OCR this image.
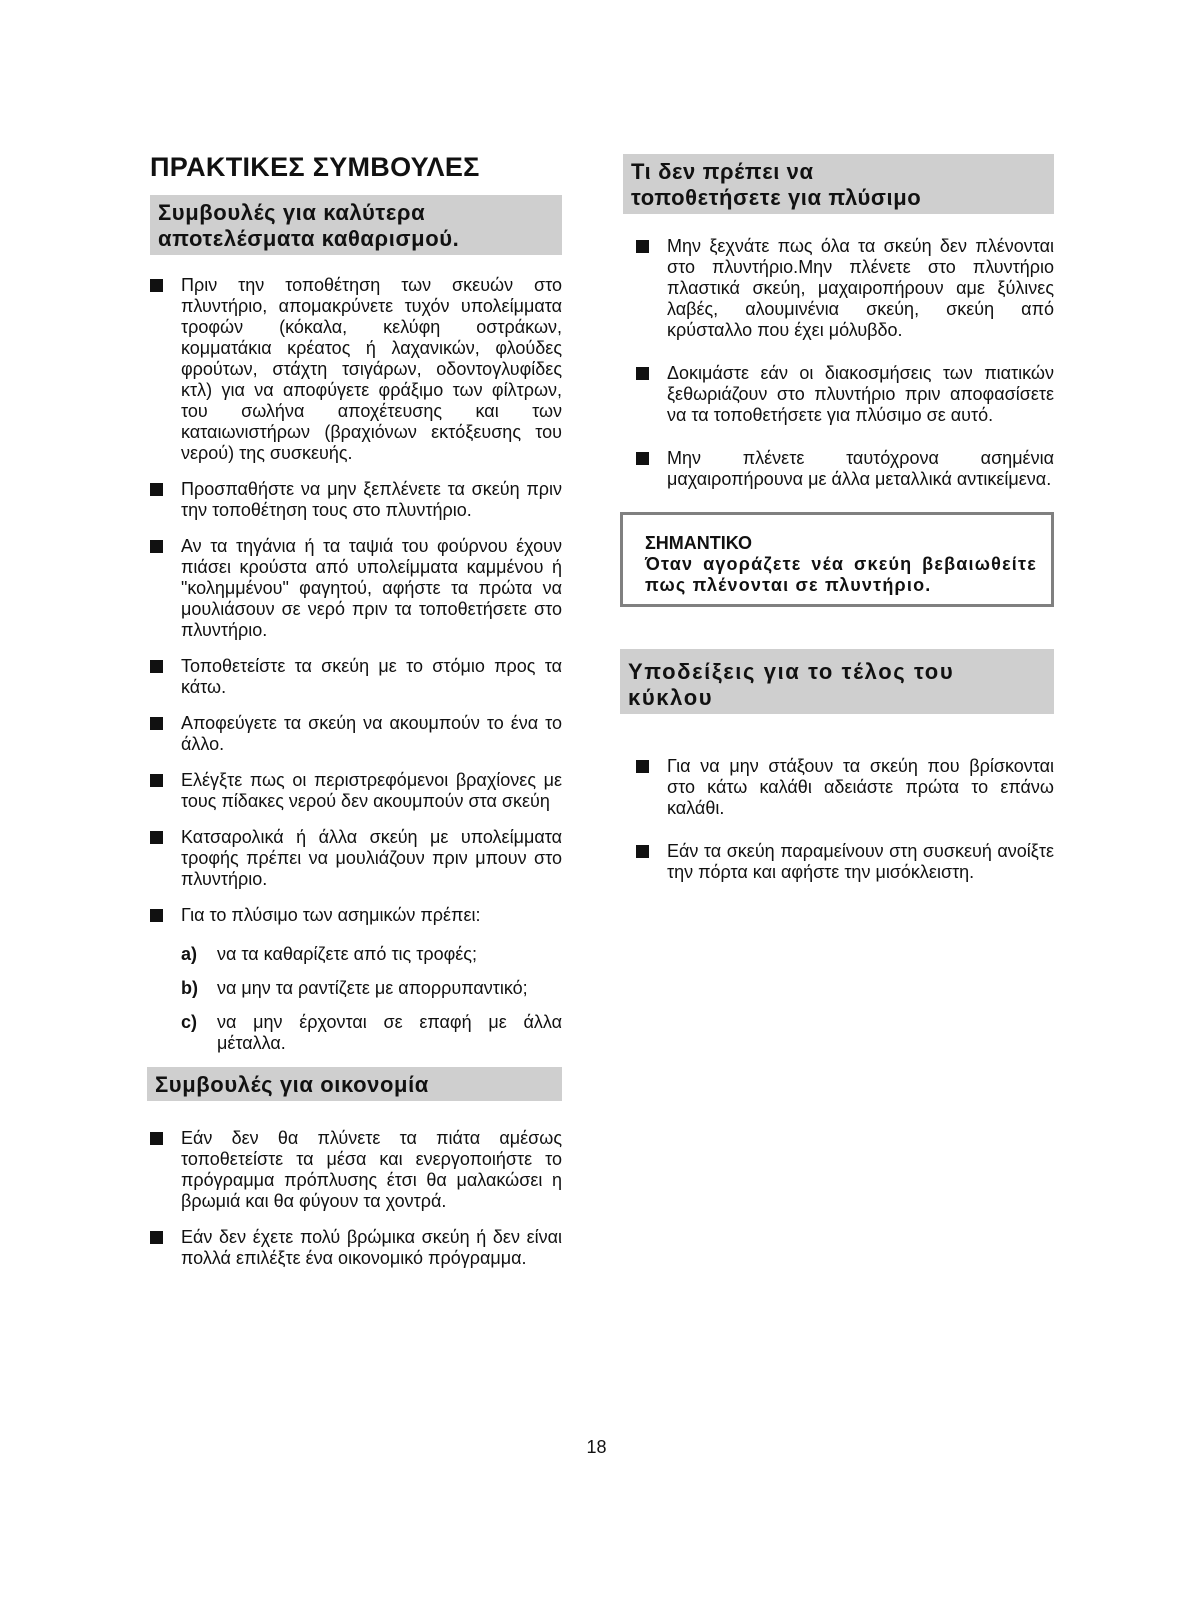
ΠΡΑΚΤΙΚΕΣ ΣΥΜΒΟΥΛΕΣ
Συμβουλές για καλύτερα
αποτελέσματα καθαρισμού.
Πριν την τοποθέτηση των σκευών στο πλυντήριο, απομακρύνετε τυχόν υπολείμματα τροφών (κόκαλα, κελύφη οστράκων, κομματάκια κρέατος ή λαχανικών, φλούδες φρούτων, στάχτη τσιγάρων, οδοντογλυφίδες κτλ) για να αποφύγετε φράξιμο των φίλτρων, του σωλήνα αποχέτευσης και των καταιωνιστήρων (βραχιόνων εκτόξευσης του νερού) της συσκευής.
Προσπαθήστε να μην ξεπλένετε τα σκεύη πριν την τοποθέτηση τους στο πλυντήριο.
Αν τα τηγάνια ή τα ταψιά του φούρνου έχουν πιάσει κρούστα από υπολείμματα καμμένου ή "κολημμένου" φαγητού, αφήστε τα πρώτα να μουλιάσουν σε νερό πριν τα τοποθετήσετε στο πλυντήριο.
Τοποθετείστε τα σκεύη με το στόμιο προς τα κάτω.
Αποφεύγετε τα σκεύη να ακουμπούν το ένα το άλλο.
Ελέγξτε πως οι περιστρεφόμενοι βραχίονες με τους πίδακες νερού δεν ακουμπούν στα σκεύη
Κατσαρολικά ή άλλα σκεύη με υπολείμματα τροφής πρέπει να μουλιάζουν πριν μπουν στο πλυντήριο.
Για το πλύσιμο των ασημικών πρέπει:
a) να τα καθαρίζετε από τις τροφές;
b) να μην τα ραντίζετε με απορρυπαντικό;
c) να μην έρχονται σε επαφή με άλλα μέταλλα.
Συμβουλές για οικονομία
Εάν δεν θα πλύνετε τα πιάτα αμέσως τοποθετείστε τα μέσα και ενεργοποιήστε το πρόγραμμα πρόπλυσης έτσι θα μαλακώσει η βρωμιά και θα φύγουν τα χοντρά.
Εάν δεν έχετε πολύ βρώμικα σκεύη ή δεν είναι πολλά επιλέξτε ένα οικονομικό πρόγραμμα.
Τι δεν πρέπει να
τοποθετήσετε για πλύσιμο
Μην ξεχνάτε πως όλα τα σκεύη δεν πλένονται στο πλυντήριο.Μην πλένετε στο πλυντήριο πλαστικά σκεύη, μαχαιροπήρουν αμε ξύλινες λαβές, αλουμινένια σκεύη, σκεύη από κρύσταλλο που έχει μόλυβδο.
Δοκιμάστε εάν οι διακοσμήσεις των πιατικών ξεθωριάζουν στο πλυντήριο πριν αποφασίσετε να τα τοποθετήσετε για πλύσιμο σε αυτό.
Μην πλένετε ταυτόχρονα ασημένια μαχαιροπήρουνα με άλλα μεταλλικά αντικείμενα.
ΣΗΜΑΝΤΙΚΟ
Όταν αγοράζετε νέα σκεύη βεβαιωθείτε πως πλένονται σε πλυντήριο.
Υποδείξεις για το τέλος του
κύκλου
Για να μην στάξουν τα σκεύη που βρίσκονται στο κάτω καλάθι αδειάστε πρώτα το επάνω καλάθι.
Εάν τα σκεύη παραμείνουν στη συσκευή ανοίξτε την πόρτα και αφήστε την μισόκλειστη.
18
